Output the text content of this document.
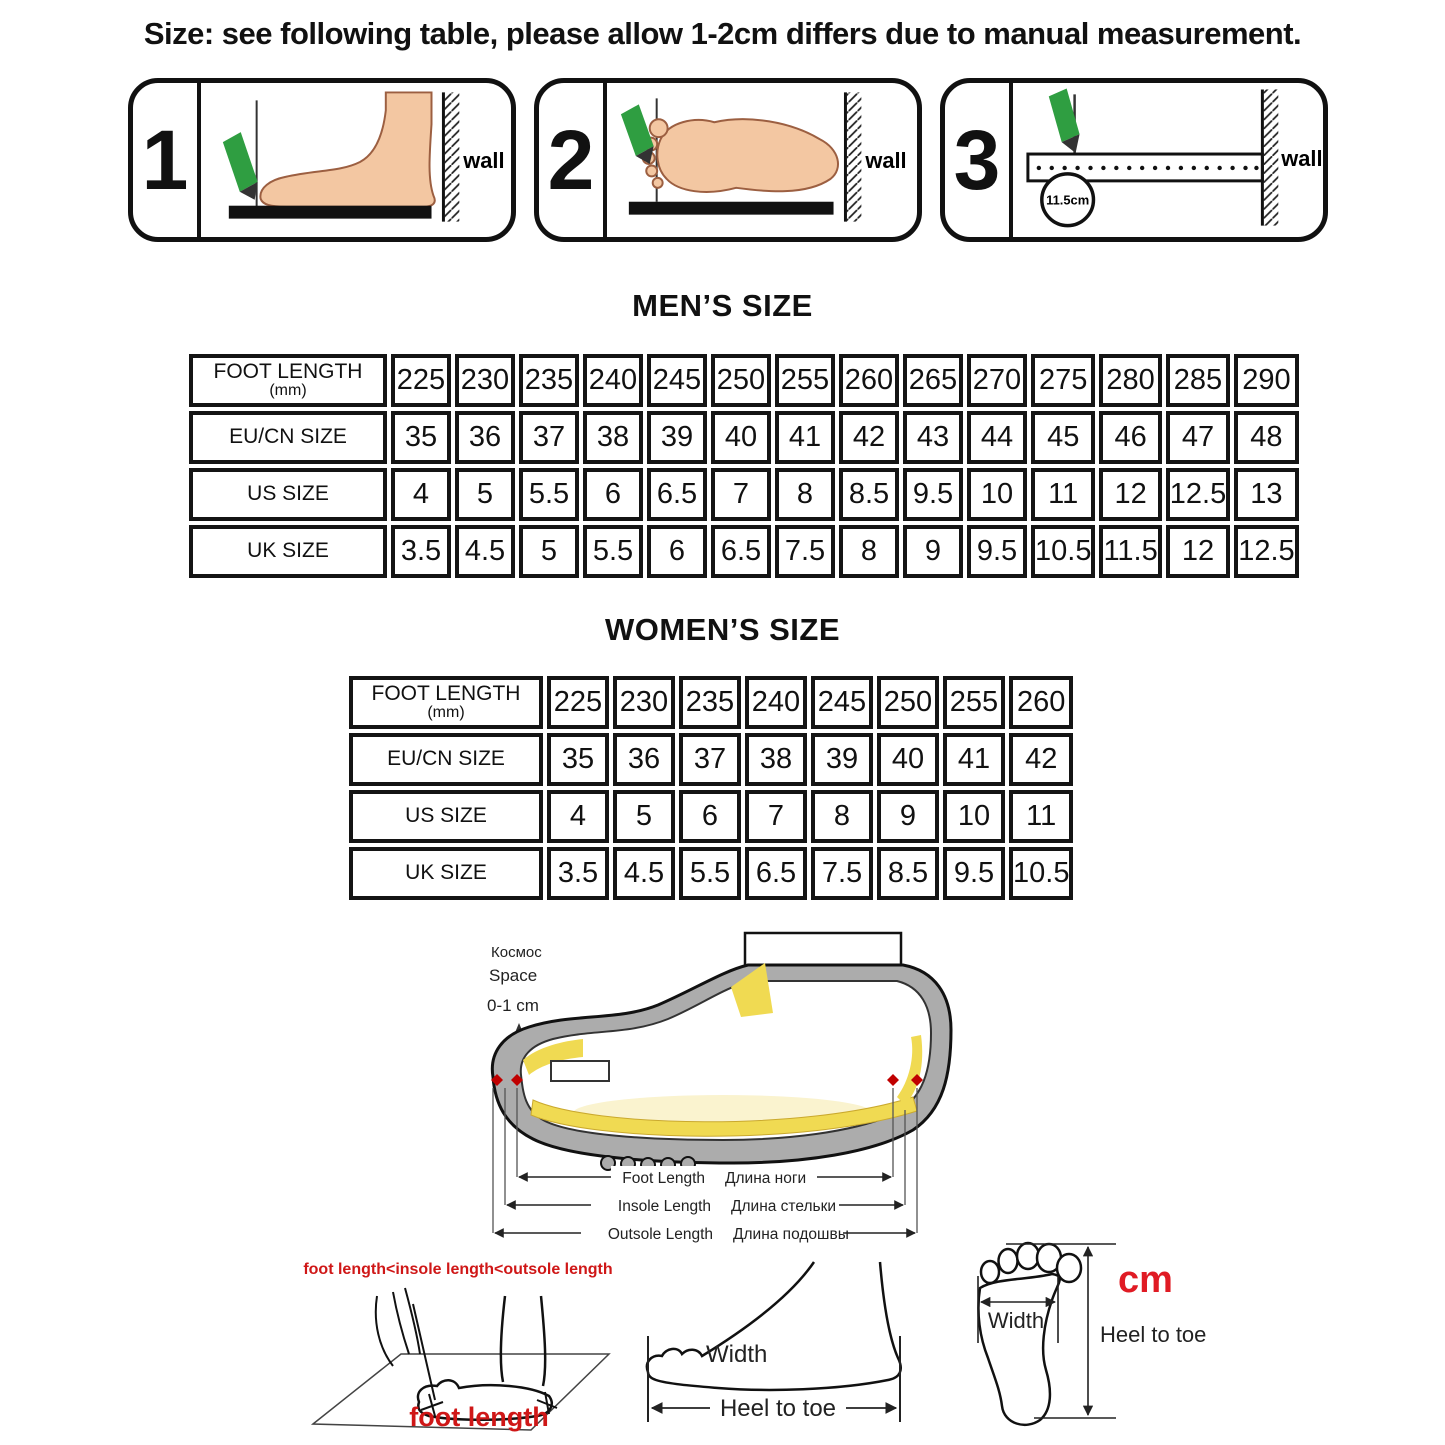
Size: see following table, please allow 1-2cm differs due to manual measurement.
1	wall 2	wall 3	11.5cm
wall
MEN’S SIZE
FOOT LENGTH
(mm)	225	230	235	240	245	250	255	260	265	270	275	280	285	290

EU/CN SIZE	35	36	37	38	39	40	41	42	43	44	45	46	47	48

US SIZE	4	5	5.5	6	6.5	7	8	8.5	9.5	10	11	12	12.5	13

UK SIZE	3.5	4.5	5	5.5	6	6.5	7.5	8	9	9.5	10.5	11.5	12	12.5
WOMEN’S SIZE
FOOT LENGTH
(mm)	225	230	235	240	245	250	255	260

EU/CN SIZE	35	36	37	38	39	40	41	42

US SIZE	4	5	6	7	8	9	10	11

UK SIZE	3.5	4.5	5.5	6.5	7.5	8.5	9.5	10.5
Космос
Space
0-1 cm
Foot Length Длина ноги
Insole Length Длина стельки
Outsole Length Длина подошвы
foot length<insole length<outsole length
foot length
Width
Heel to toe
Width
cm
Heel to toe
